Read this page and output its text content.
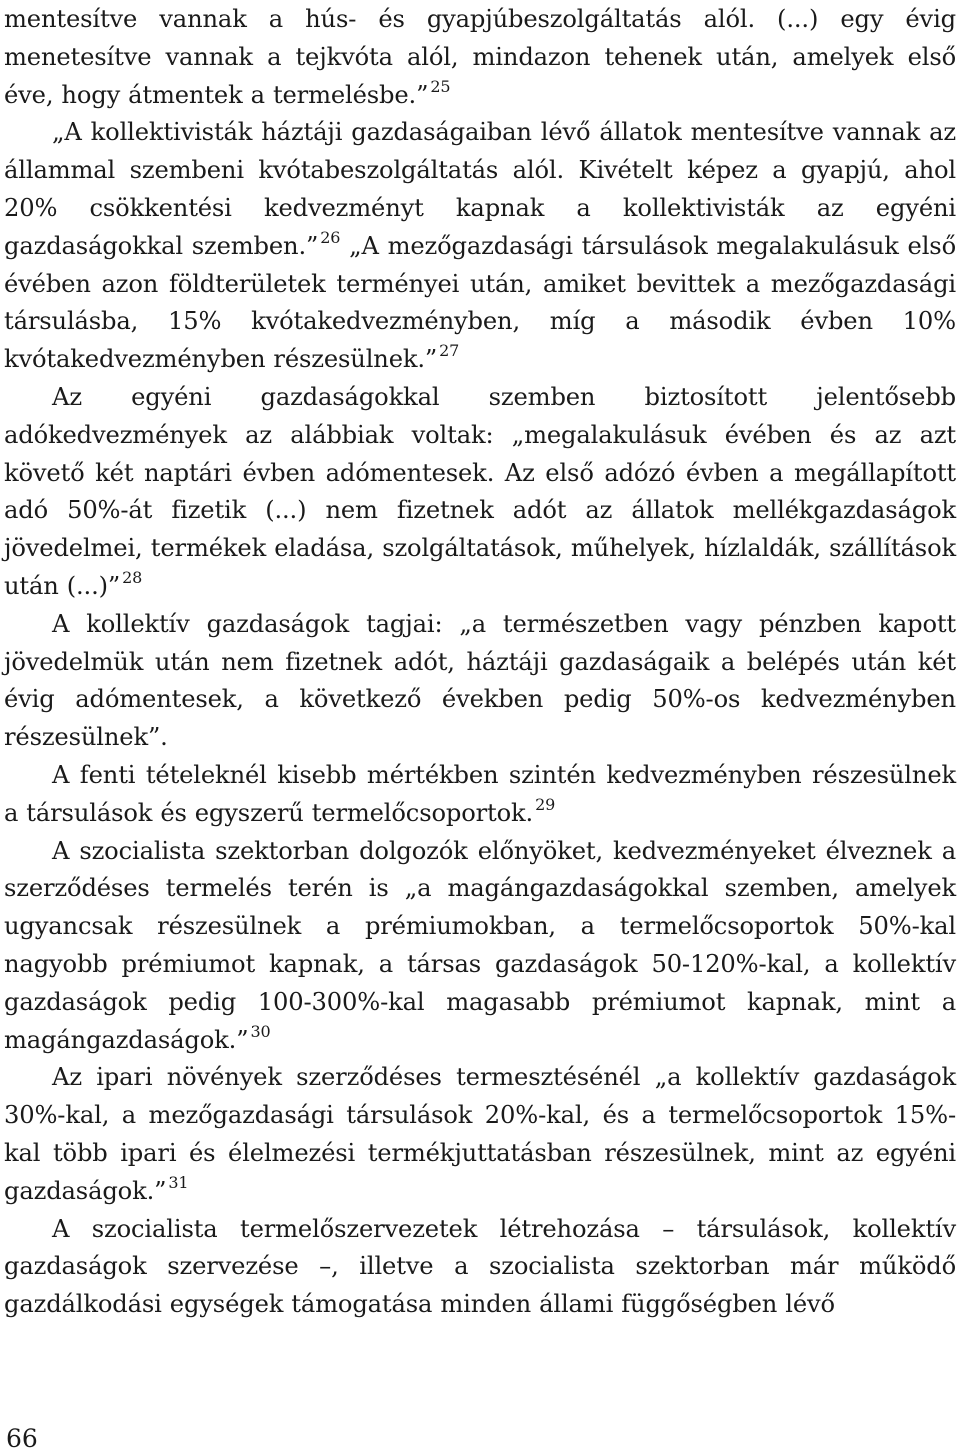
mentesítve vannak a hús- és gyapjúbeszolgáltatás alól. (...) egy évig menetesítve vannak a tejkvóta alól, mindazon tehenek után, amelyek első éve, hogy átmentek a termelésbe.” $^{25}$

„A kollektivisták háztáji gazdaságaiban lévő állatok mentesítve vannak az állammal szembeni kvótabeszolgáltatás alól. Kivételt képez a gyapjú, ahol 20% csökkentési kedvezményt kapnak a kollektivisták az egyéni gazdaságokkal szemben.” $^{26}$ „A mezőgazdasági társulások megalakulásuk első évében azon földterületek terményei után, amiket bevittek a mezőgazdasági társulásba, 15% kvótakedvezményben, míg a második évben 10% kvótakedvezményben részesülnek.” $^{27}$

Az egyéni gazdaságokkal szemben biztosított jelentősebb adókedvezmények az alábbiak voltak: „megalakulásuk évében és az azt követő két naptári évben adómentesek. Az első adózó évben a megállapított adó 50%-át fizetik (...) nem fizetnek adót az állatok mellékgazdaságok jövedelmei, termékek eladása, szolgáltatások, műhelyek, hízlaldák, szállítások után (...)” $^{28}$

A kollektív gazdaságok tagjai: „a természetben vagy pénzben kapott jövedelmük után nem fizetnek adót, háztáji gazdaságaik a belépés után két évig adómentesek, a következő években pedig 50%-os kedvezményben részesülnek”.

A fenti tételeknél kisebb mértékben szintén kedvezményben részesülnek a társulások és egyszerű termelőcsoportok. $^{29}$

A szocialista szektorban dolgozók előnyöket, kedvezményeket élveznek a szerződéses termelés terén is „a magángazdaságokkal szemben, amelyek ugyancsak részesülnek a prémiumokban, a termelőcsoportok 50%-kal nagyobb prémiumot kapnak, a társas gazdaságok 50-120%-kal, a kollektív gazdaságok pedig 100-300%-kal magasabb prémiumot kapnak, mint a magángazdaságok.” $^{30}$

Az ipari növények szerződéses termesztésénél „a kollektív gazdaságok 30%-kal, a mezőgazdasági társulások 20%-kal, és a termelőcsoportok 15%-kal több ipari és élelmezési termékjuttatásban részesülnek, mint az egyéni gazdaságok.” $^{31}$

A szocialista termelőszervezetek létrehozása – társulások, kollektív gazdaságok szervezése –, illetve a szocialista szektorban már működő gazdálkodási egységek támogatása minden állami függőségben lévő

66
